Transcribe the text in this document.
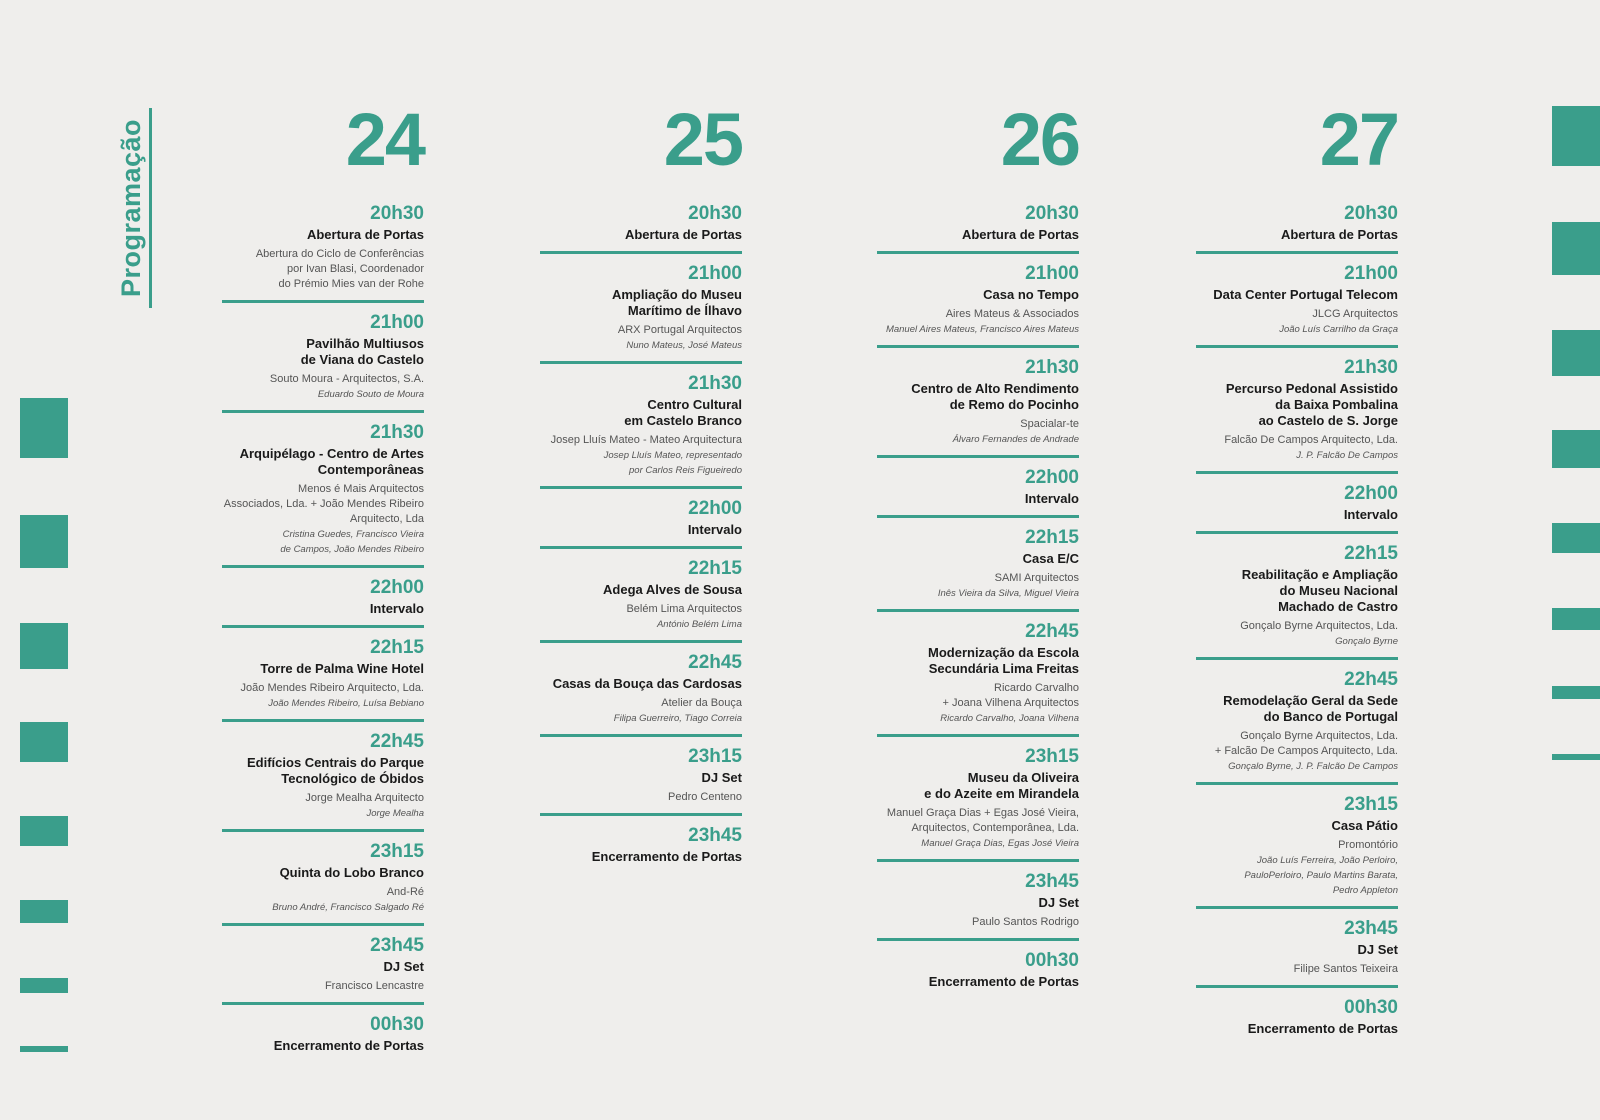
Programação	24
20h30
Abertura de Portas
Abertura do Ciclo de Conferências
por Ivan Blasi, Coordenador
do Prémio Mies van der Rohe
21h00
Pavilhão Multiusos
de Viana do Castelo
Souto Moura - Arquitectos, S.A.
Eduardo Souto de Moura
21h30
Arquipélago - Centro de Artes
Contemporâneas
Menos é Mais Arquitectos
Associados, Lda. + João Mendes Ribeiro
Arquitecto, Lda
Cristina Guedes, Francisco Vieira
de Campos, João Mendes Ribeiro
22h00
Intervalo
22h15
Torre de Palma Wine Hotel
João Mendes Ribeiro Arquitecto, Lda.
João Mendes Ribeiro, Luísa Bebiano
22h45
Edifícios Centrais do Parque
Tecnológico de Óbidos
Jorge Mealha Arquitecto
Jorge Mealha
23h15
Quinta do Lobo Branco
And-Ré
Bruno André, Francisco Salgado Ré
23h45
DJ Set
Francisco Lencastre
00h30
Encerramento de Portas
25
20h30
Abertura de Portas
21h00
Ampliação do Museu
Marítimo de Ílhavo
ARX Portugal Arquitectos
Nuno Mateus, José Mateus
21h30
Centro Cultural
em Castelo Branco
Josep Lluís Mateo - Mateo Arquitectura
Josep Lluís Mateo, representado
por Carlos Reis Figueiredo
22h00
Intervalo
22h15
Adega Alves de Sousa
Belém Lima Arquitectos
António Belém Lima
22h45
Casas da Bouça das Cardosas
Atelier da Bouça
Filipa Guerreiro, Tiago Correia
23h15
DJ Set
Pedro Centeno
23h45
Encerramento de Portas
26
20h30
Abertura de Portas
21h00
Casa no Tempo
Aires Mateus & Associados
Manuel Aires Mateus, Francisco Aires Mateus
21h30
Centro de Alto Rendimento
de Remo do Pocinho
Spacialar-te
Álvaro Fernandes de Andrade
22h00
Intervalo
22h15
Casa E/C
SAMI Arquitectos
Inês Vieira da Silva, Miguel Vieira
22h45
Modernização da Escola
Secundária Lima Freitas
Ricardo Carvalho
+ Joana Vilhena Arquitectos
Ricardo Carvalho, Joana Vilhena
23h15
Museu da Oliveira
e do Azeite em Mirandela
Manuel Graça Dias + Egas José Vieira,
Arquitectos, Contemporânea, Lda.
Manuel Graça Dias, Egas José Vieira
23h45
DJ Set
Paulo Santos Rodrigo
00h30
Encerramento de Portas
27
20h30
Abertura de Portas
21h00
Data Center Portugal Telecom
JLCG Arquitectos
João Luís Carrilho da Graça
21h30
Percurso Pedonal Assistido
da Baixa Pombalina
ao Castelo de S. Jorge
Falcão De Campos Arquitecto, Lda.
J. P. Falcão De Campos
22h00
Intervalo
22h15
Reabilitação e Ampliação
do Museu Nacional
Machado de Castro
Gonçalo Byrne Arquitectos, Lda.
Gonçalo Byrne
22h45
Remodelação Geral da Sede
do Banco de Portugal
Gonçalo Byrne Arquitectos, Lda.
+ Falcão De Campos Arquitecto, Lda.
Gonçalo Byrne, J. P. Falcão De Campos
23h15
Casa Pátio
Promontório
João Luís Ferreira, João Perloiro,
PauloPerloiro, Paulo Martins Barata,
Pedro Appleton
23h45
DJ Set
Filipe Santos Teixeira
00h30
Encerramento de Portas
